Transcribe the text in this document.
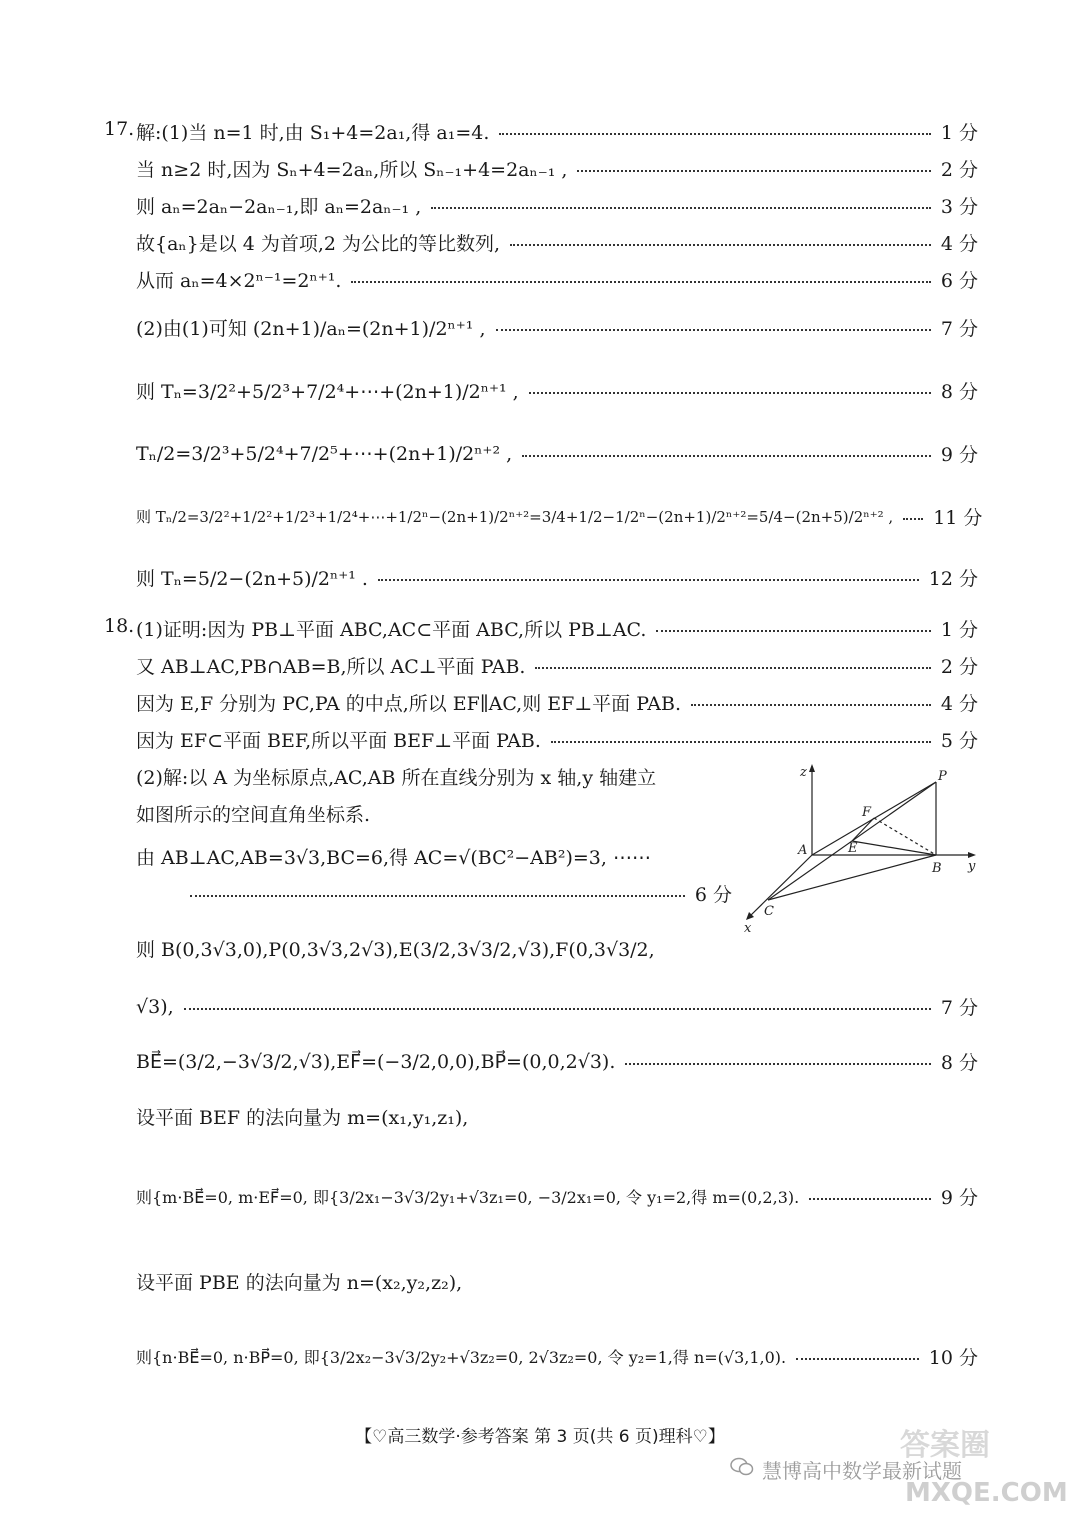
17. 解:(1)当 n=1 时,由 S₁+4=2a₁,得 a₁=4.	1 分
当 n≥2 时,因为 Sₙ+4=2aₙ,所以 Sₙ₋₁+4=2aₙ₋₁ ,	2 分
则 aₙ=2aₙ−2aₙ₋₁,即 aₙ=2aₙ₋₁ ,	3 分
故{aₙ}是以 4 为首项,2 为公比的等比数列,	4 分
从而 aₙ=4×2ⁿ⁻¹=2ⁿ⁺¹.	6 分
(2)由(1)可知 (2n+1)/aₙ=(2n+1)/2ⁿ⁺¹ ,	7 分
则 Tₙ=3/2²+5/2³+7/2⁴+⋯+(2n+1)/2ⁿ⁺¹ ,	8 分
Tₙ/2=3/2³+5/2⁴+7/2⁵+⋯+(2n+1)/2ⁿ⁺² ,	9 分
则 Tₙ/2=3/2²+1/2²+1/2³+1/2⁴+⋯+1/2ⁿ−(2n+1)/2ⁿ⁺²=3/4+1/2−1/2ⁿ−(2n+1)/2ⁿ⁺²=5/4−(2n+5)/2ⁿ⁺² , 11 分
则 Tₙ=5/2−(2n+5)/2ⁿ⁺¹ .	12 分
18. (1)证明:因为 PB⊥平面 ABC,AC⊂平面 ABC,所以 PB⊥AC.	1 分
又 AB⊥AC,PB∩AB=B,所以 AC⊥平面 PAB.	2 分
因为 E,F 分别为 PC,PA 的中点,所以 EF∥AC,则 EF⊥平面 PAB.	4 分
因为 EF⊂平面 BEF,所以平面 BEF⊥平面 PAB.	5 分
(2)解:以 A 为坐标原点,AC,AB 所在直线分别为 x 轴,y 轴建立
如图所示的空间直角坐标系.
由 AB⊥AC,AB=3√3,BC=6,得 AC=√(BC²−AB²)=3, ⋯⋯
6 分
则 B(0,3√3,0),P(0,3√3,2√3),E(3/2,3√3/2,√3),F(0,3√3/2,
√3),	7 分
BE⃗=(3/2,−3√3/2,√3),EF⃗=(−3/2,0,0),BP⃗=(0,0,2√3).	8 分
设平面 BEF 的法向量为 m=(x₁,y₁,z₁),
则{m·BE⃗=0, m·EF⃗=0, 即{3/2x₁−3√3/2y₁+√3z₁=0, −3/2x₁=0, 令 y₁=2,得 m=(0,2,3).	9 分
设平面 PBE 的法向量为 n=(x₂,y₂,z₂),
则{n·BE⃗=0, n·BP⃗=0, 即{3/2x₂−3√3/2y₂+√3z₂=0, 2√3z₂=0, 令 y₂=1,得 n=(√3,1,0).	10 分
z
y
x
A
B
C
P
E
F
【♡高三数学·参考答案 第 3 页(共 6 页)理科♡】
慧博高中数学最新试题
答案圈
MXQE.COM
